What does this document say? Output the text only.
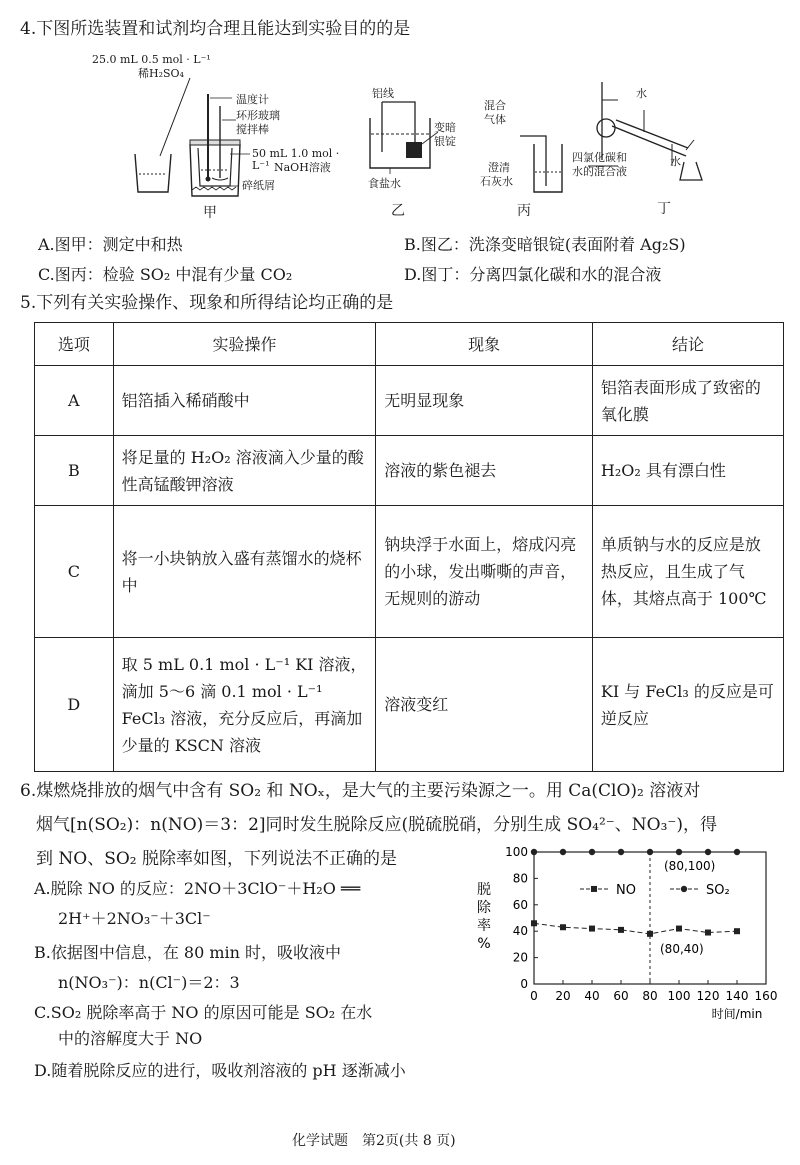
4.下图所选装置和试剂均合理且能达到实验目的的是
25.0 mL 0.5 mol · L⁻¹
稀H₂SO₄
温度计
环形玻璃
搅拌棒
50 mL 1.0 mol · L⁻¹ NaOH溶液
碎纸屑
甲
铝线
变暗
银锭
食盐水
乙
混合
气体
澄清
石灰水
丙
水
水
四氯化碳和
水的混合液
丁
A.图甲：测定中和热	B.图乙：洗涤变暗银锭(表面附着 Ag₂S)
C.图丙：检验 SO₂ 中混有少量 CO₂	D.图丁：分离四氯化碳和水的混合液
5.下列有关实验操作、现象和所得结论均正确的是
选项	实验操作	现象	结论
A	铝箔插入稀硝酸中	无明显现象	铝箔表面形成了致密的氧化膜
B	将足量的 H₂O₂ 溶液滴入少量的酸性高锰酸钾溶液	溶液的紫色褪去	H₂O₂ 具有漂白性
C	将一小块钠放入盛有蒸馏水的烧杯中	钠块浮于水面上，熔成闪亮的小球，发出嘶嘶的声音，无规则的游动	单质钠与水的反应是放热反应，且生成了气体，其熔点高于 100℃
D	取 5 mL 0.1 mol · L⁻¹ KI 溶液，滴加 5～6 滴 0.1 mol · L⁻¹ FeCl₃ 溶液，充分反应后，再滴加少量的 KSCN 溶液	溶液变红	KI 与 FeCl₃ 的反应是可逆反应
6.煤燃烧排放的烟气中含有 SO₂ 和 NOₓ，是大气的主要污染源之一。用 Ca(ClO)₂ 溶液对
烟气[n(SO₂)：n(NO)＝3：2]同时发生脱除反应(脱硫脱硝，分别生成 SO₄²⁻、NO₃⁻)，得
到 NO、SO₂ 脱除率如图，下列说法不正确的是
A.脱除 NO 的反应：2NO＋3ClO⁻＋H₂O ══
2H⁺＋2NO₃⁻＋3Cl⁻
B.依据图中信息，在 80 min 时，吸收液中
n(NO₃⁻)：n(Cl⁻)＝2：3
C.SO₂ 脱除率高于 NO 的原因可能是 SO₂ 在水
中的溶解度大于 NO
D.随着脱除反应的进行，吸收剂溶液的 pH 逐渐减小
0
20
40
60
80
100
0 20 40 60 80 100 120 140 160
时间/min
脱
除
率
%
NO	SO₂
(80,100)
(80,40)
化学试题　第2页(共 8 页)
